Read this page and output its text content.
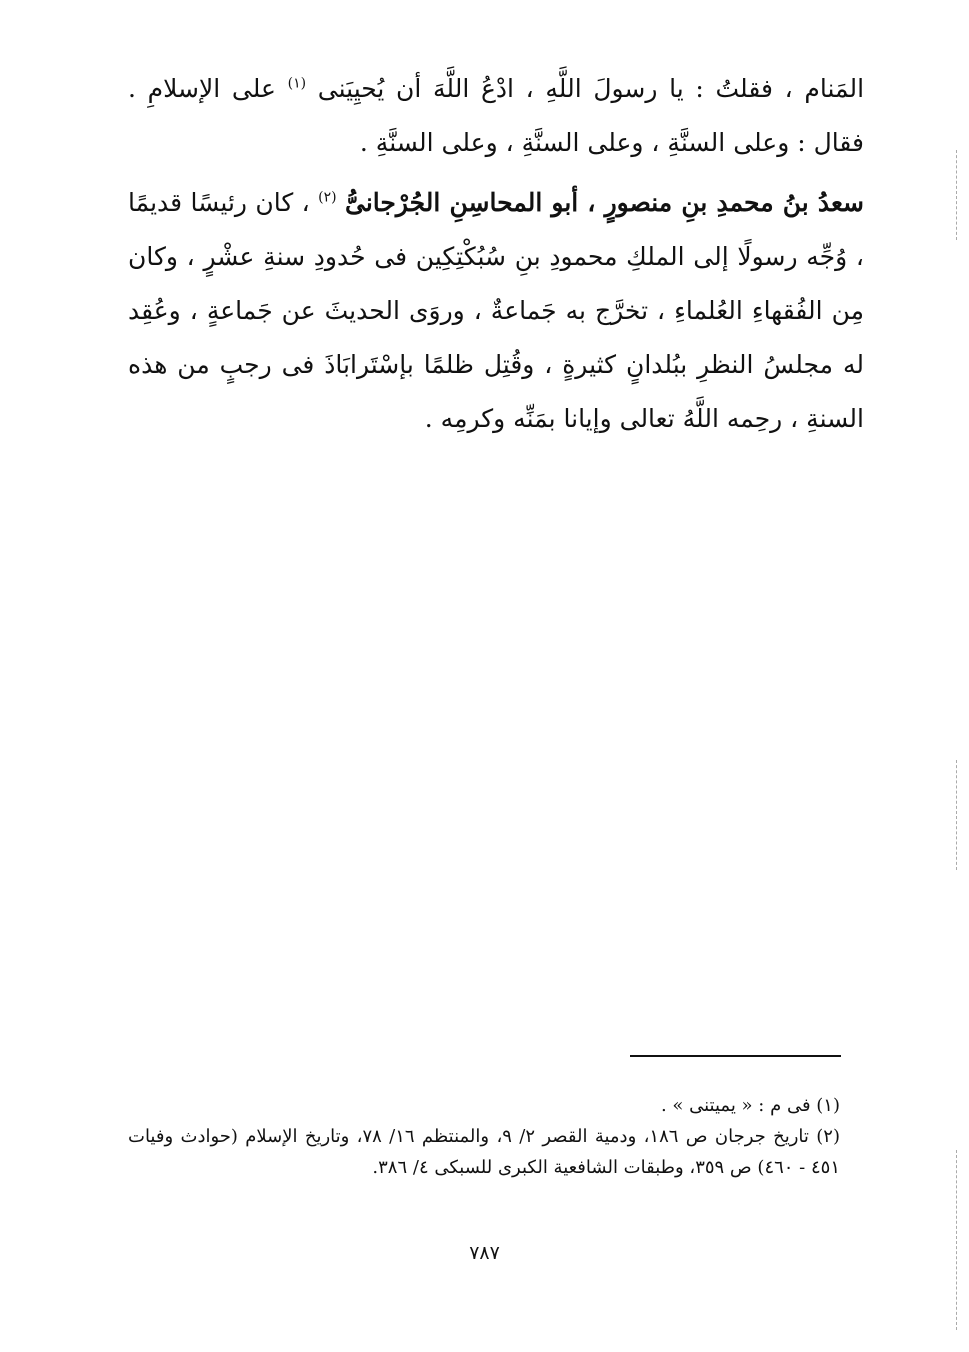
المَنام ، فقلتُ : يا رسولَ اللَّهِ ، ادْعُ اللَّهَ أن يُحيِيَنى $^{(١)}$ على الإسلامِ . فقال : وعلى السنَّةِ ، وعلى السنَّةِ ، وعلى السنَّةِ .

سعدُ بنُ محمدِ بنِ منصورٍ ، أبو المحاسِنِ الجُرْجانىُّ $^{(٢)}$ ، كان رئيسًا قديمًا ، وُجِّه رسولًا إلى الملكِ محمودِ بنِ سُبُكْتِكِين فى حُدودِ سنةِ عشْرٍ ، وكان مِن الفُقهاءِ العُلماءِ ، تخرَّج به جَماعةٌ ، وروَى الحديثَ عن جَماعةٍ ، وعُقِد له مجلسُ النظرِ ببُلدانٍ كثيرةٍ ، وقُتِل ظلمًا بإسْتَرابَاذَ فى رجبٍ من هذه السنةِ ، رحِمه اللَّهُ تعالى وإيانا بمَنِّه وكرمِه .

(١) فى م : « يميتنى » .

(٢) تاريخ جرجان ص ١٨٦، ودمية القصر ٢/ ٩، والمنتظم ١٦/ ٧٨، وتاريخ الإسلام (حوادث وفيات ٤٥١ - ٤٦٠) ص ٣٥٩، وطبقات الشافعية الكبرى للسبكى ٤/ ٣٨٦.

٧٨٧
